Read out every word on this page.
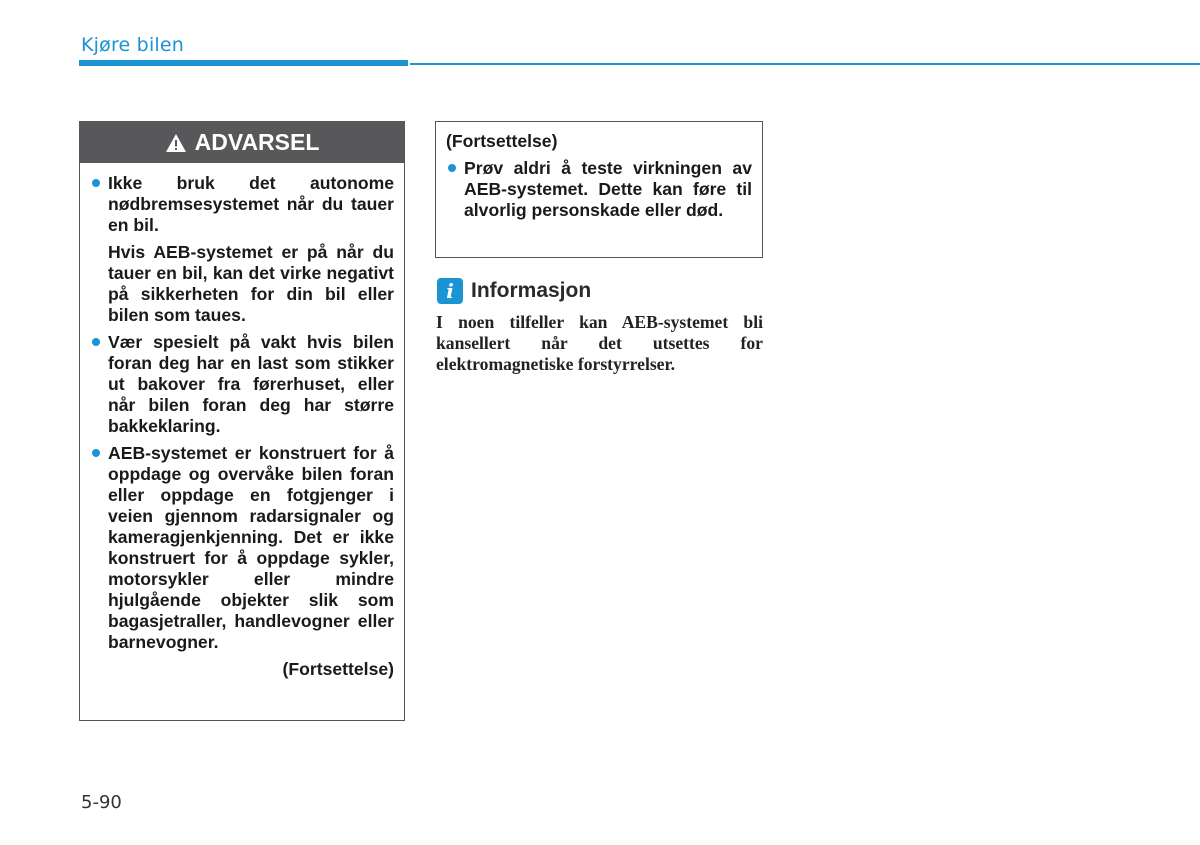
Kjøre bilen
ADVARSEL
Ikke bruk det autonome nødbremsesystemet når du tauer en bil.
Hvis AEB-systemet er på når du tauer en bil, kan det virke negativt på sikkerheten for din bil eller bilen som taues.
Vær spesielt på vakt hvis bilen foran deg har en last som stikker ut bakover fra førerhuset, eller når bilen foran deg har større bakkeklaring.
AEB-systemet er konstruert for å oppdage og overvåke bilen foran eller oppdage en fotgjenger i veien gjennom radarsignaler og kameragjenkjenning. Det er ikke konstruert for å oppdage sykler, motorsykler eller mindre hjulgående objekter slik som bagasjetraller, handlevogner eller barnevogner.
(Fortsettelse)
(Fortsettelse)
Prøv aldri å teste virkningen av AEB-systemet. Dette kan føre til alvorlig personskade eller død.
i Informasjon
I noen tilfeller kan AEB-systemet bli kansellert når det utsettes for elektromagnetiske forstyrrelser.
5-90
